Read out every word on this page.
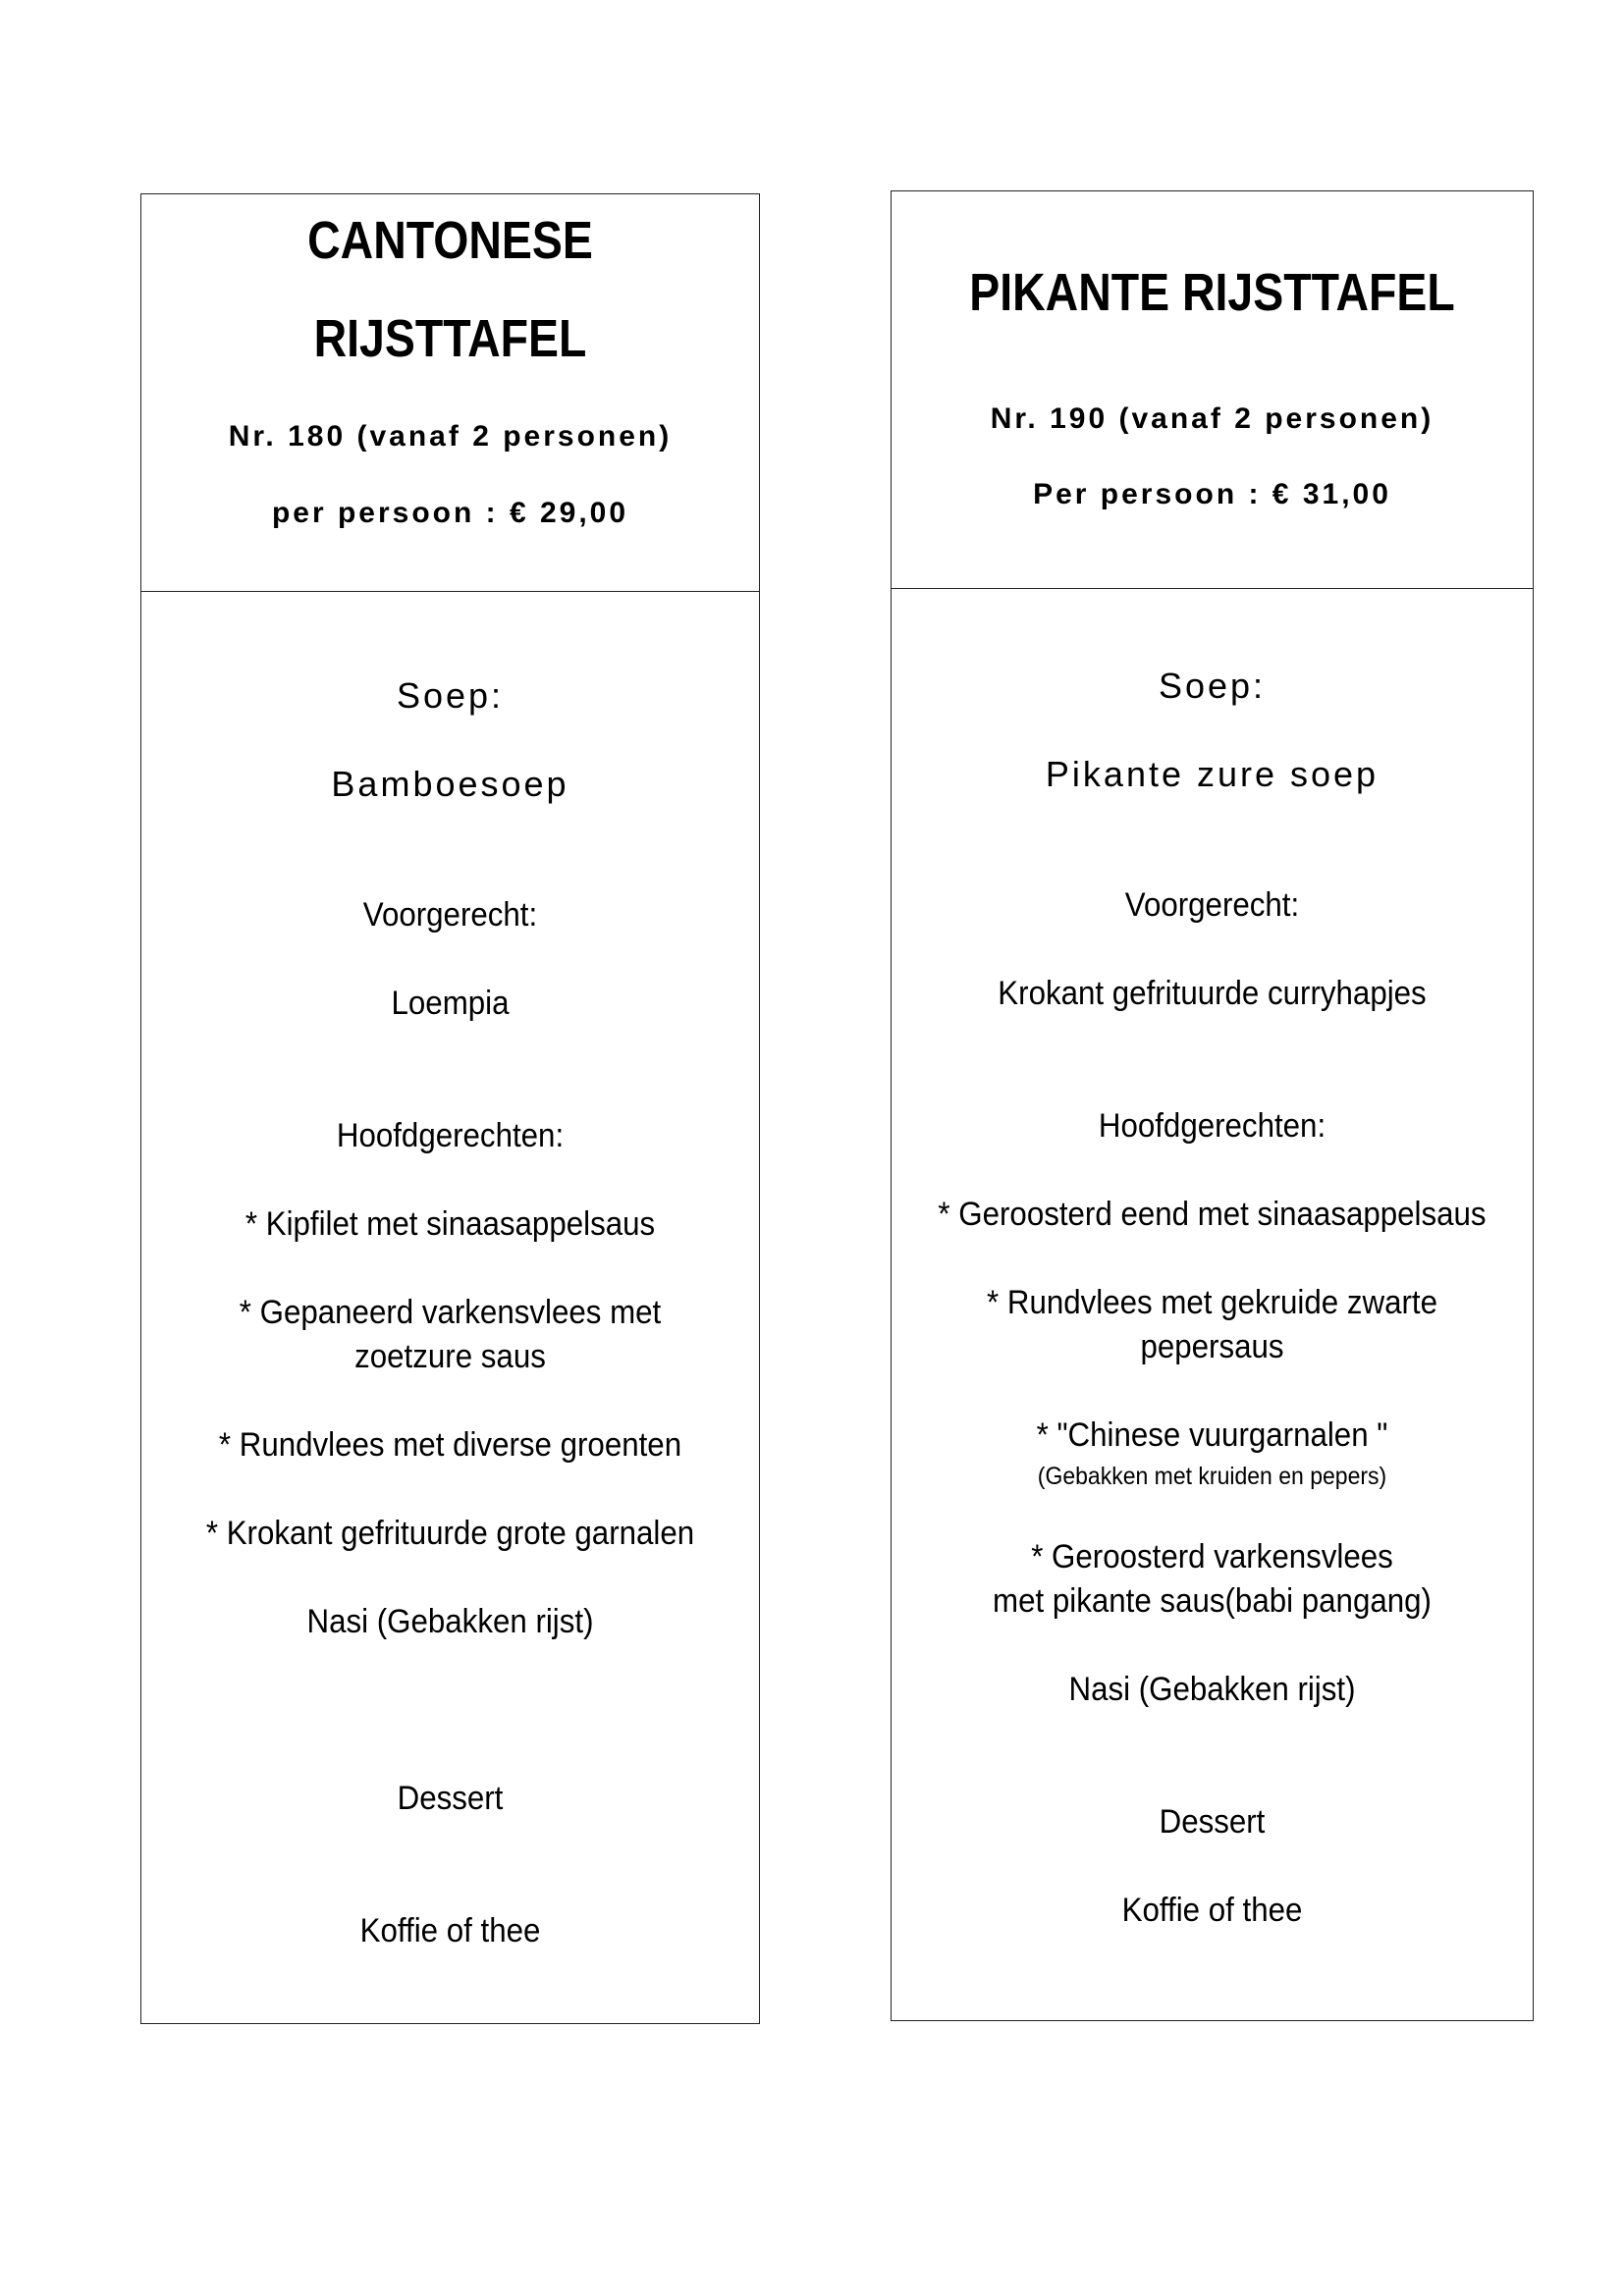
CANTONESE

RIJSTTAFEL

Nr. 180 (vanaf 2 personen)

per persoon : € 29,00

Soep:

Bamboesoep

Voorgerecht:

Loempia

Hoofdgerechten:

* Kipfilet met sinaasappelsaus

* Gepaneerd varkensvlees met

zoetzure saus

* Rundvlees met diverse groenten

* Krokant gefrituurde grote garnalen

Nasi (Gebakken rijst)

Dessert

Koffie of thee

PIKANTE RIJSTTAFEL

Nr. 190 (vanaf 2 personen)

Per persoon : € 31,00

Soep:

Pikante zure soep

Voorgerecht:

Krokant gefrituurde curryhapjes

Hoofdgerechten:

* Geroosterd eend met sinaasappelsaus

* Rundvlees met gekruide zwarte

pepersaus

* "Chinese vuurgarnalen "

(Gebakken met kruiden en pepers)

* Geroosterd varkensvlees

met pikante saus(babi pangang)

Nasi (Gebakken rijst)

Dessert

Koffie of thee
